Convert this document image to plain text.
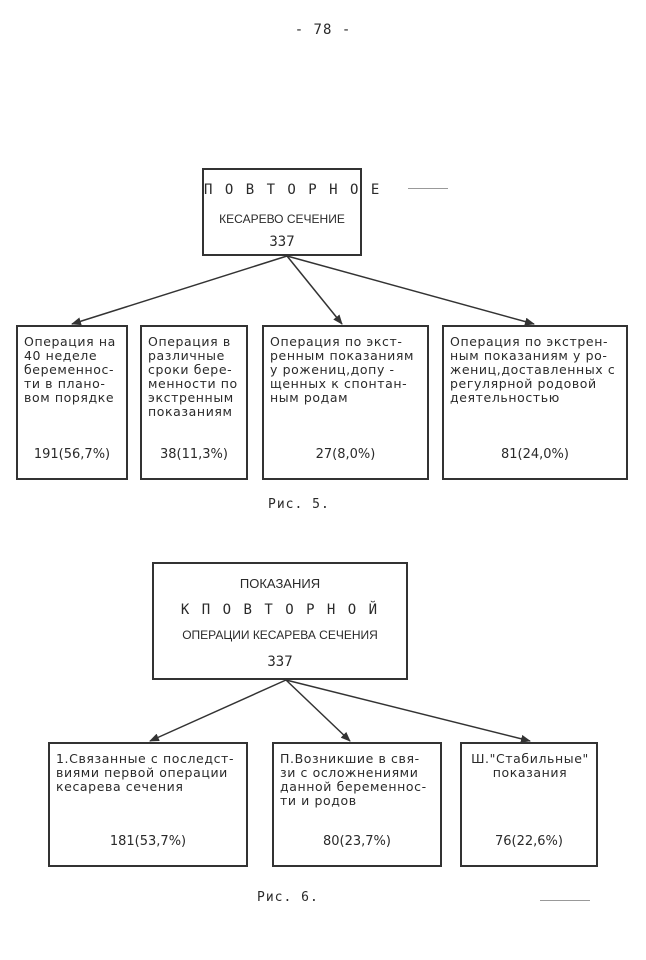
- 78 -
П О В Т О Р Н О Е
КЕСАРЕВО СЕЧЕНИЕ
337
Операция на
40 неделе
беременнос-
ти в плано-
вом порядке
191(56,7%)
Операция в
различные
сроки бере-
менности по
экстренным
показаниям
38(11,3%)
Операция по экст-
ренным показаниям
у рожениц,допу -
щенных к спонтан-
ным родам
27(8,0%)
Операция по экстрен-
ным показаниям у ро-
жениц,доставленных с
регулярной родовой
деятельностью
81(24,0%)
Рис. 5.
ПОКАЗАНИЯ
К П О В Т О Р Н О Й
ОПЕРАЦИИ КЕСАРЕВА СЕЧЕНИЯ
337
1.Связанные с последст-
виями первой операции
кесарева сечения
181(53,7%)
П.Возникшие в свя-
зи с осложнениями
данной беременнос-
ти и родов
80(23,7%)
Ш."Стабильные"
показания
76(22,6%)
Рис. 6.
